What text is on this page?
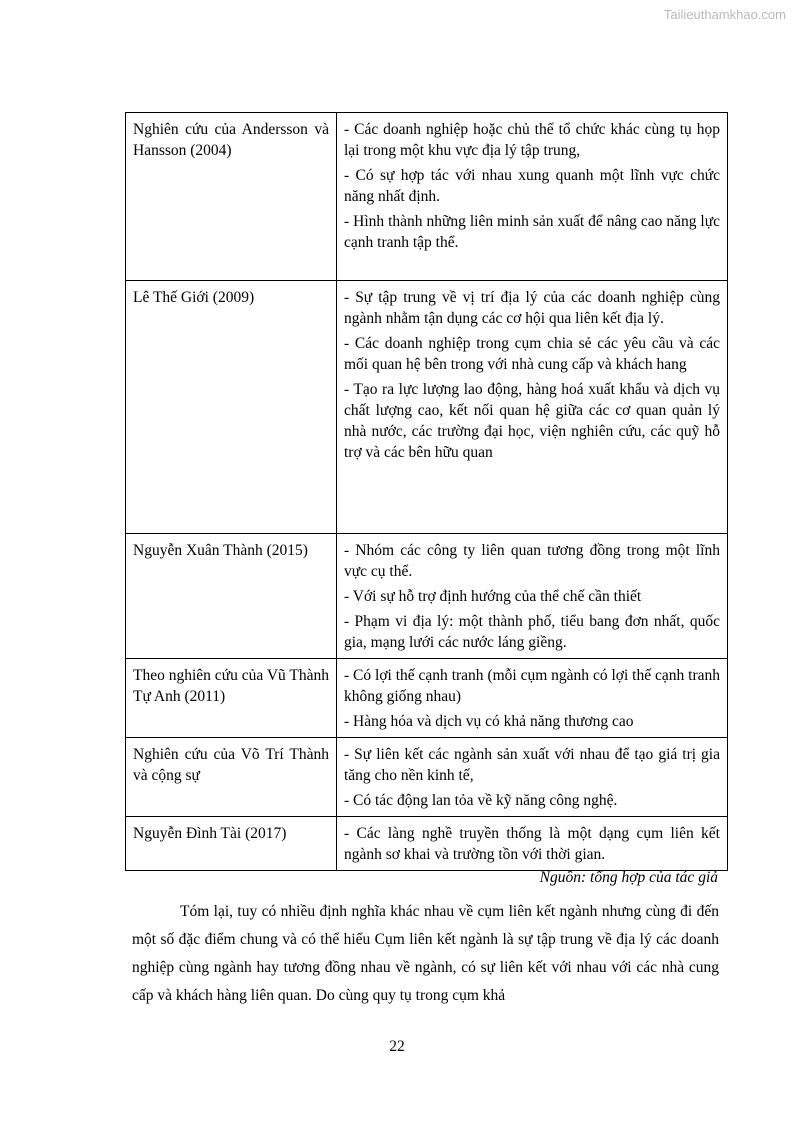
Tailieuthamkhao.com
Nghiên cứu của Andersson và Hansson (2004)	- Các doanh nghiệp hoặc chủ thể tổ chức khác cùng tụ họp lại trong một khu vực địa lý tập trung,

- Có sự hợp tác với nhau xung quanh một lĩnh vực chức năng nhất định.

- Hình thành những liên minh sản xuất để nâng cao năng lực cạnh tranh tập thể.

Lê Thế Giới (2009)	- Sự tập trung về vị trí địa lý của các doanh nghiệp cùng ngành nhằm tận dụng các cơ hội qua liên kết địa lý.

- Các doanh nghiệp trong cụm chia sẻ các yêu cầu và các mối quan hệ bên trong với nhà cung cấp và khách hang

- Tạo ra lực lượng lao động, hàng hoá xuất khẩu và dịch vụ chất lượng cao, kết nối quan hệ giữa các cơ quan quản lý nhà nước, các trường đại học, viện nghiên cứu, các quỹ hỗ trợ và các bên hữu quan

Nguyễn Xuân Thành (2015)	- Nhóm các công ty liên quan tương đồng trong một lĩnh vực cụ thể.

- Với sự hỗ trợ định hướng của thể chế cần thiết

- Phạm vi địa lý: một thành phố, tiểu bang đơn nhất, quốc gia, mạng lưới các nước láng giềng.

Theo nghiên cứu của Vũ Thành Tự Anh (2011)	- Có lợi thế cạnh tranh (mỗi cụm ngành có lợi thế cạnh tranh không giống nhau)

- Hàng hóa và dịch vụ có khả năng thương cao

Nghiên cứu của Võ Trí Thành và cộng sự	- Sự liên kết các ngành sản xuất với nhau để tạo giá trị gia tăng cho nền kinh tế,

- Có tác động lan tỏa về kỹ năng công nghệ.

Nguyễn Đình Tài (2017)	- Các làng nghề truyền thống là một dạng cụm liên kết ngành sơ khai và trường tồn với thời gian.

Nguồn: tổng hợp của tác giả

Tóm lại, tuy có nhiều định nghĩa khác nhau về cụm liên kết ngành nhưng cùng đi đến một số đặc điểm chung và có thể hiểu Cụm liên kết ngành là sự tập trung về địa lý các doanh nghiệp cùng ngành hay tương đồng nhau về ngành, có sự liên kết với nhau với các nhà cung cấp và khách hàng liên quan. Do cùng quy tụ trong cụm khả

22
